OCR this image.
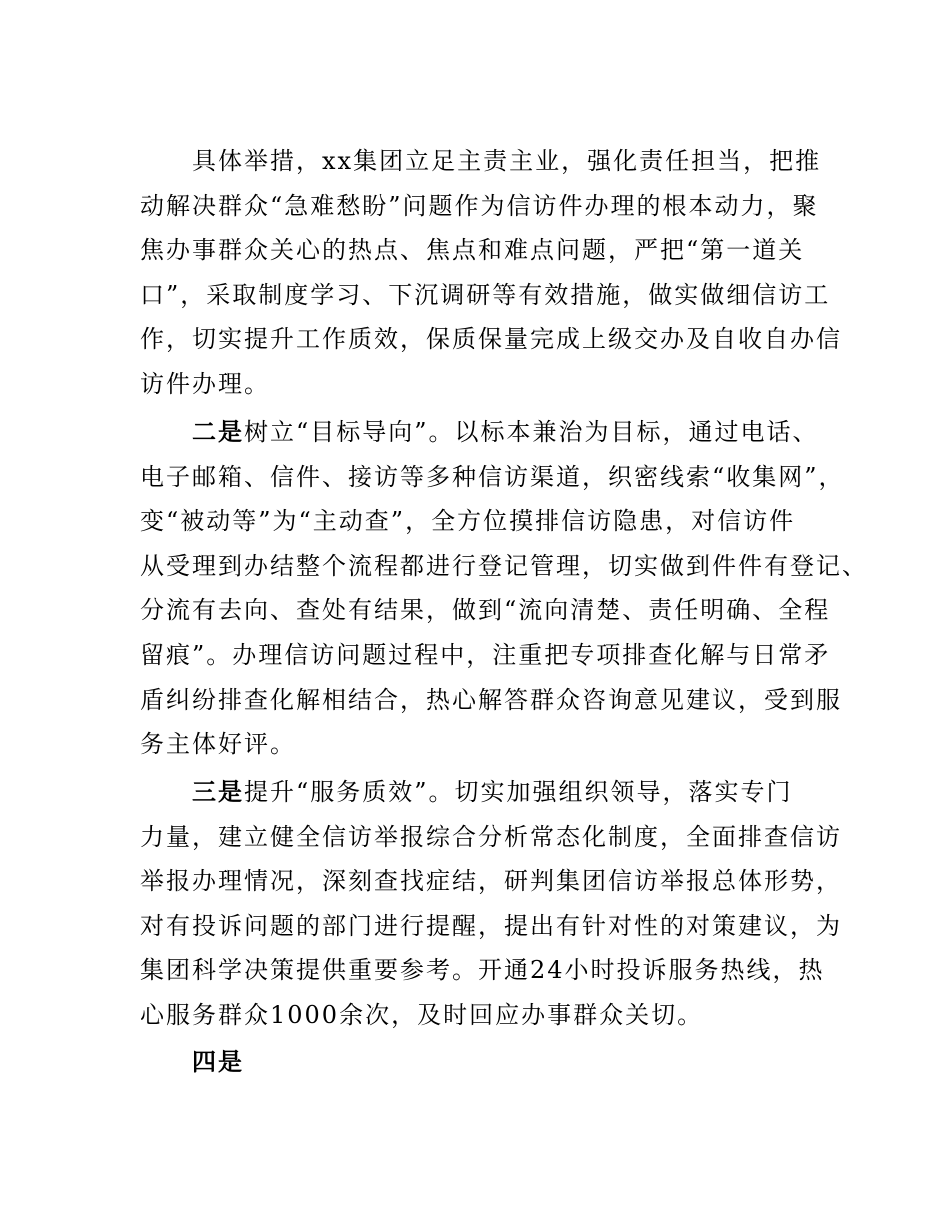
具体举措，xx集团立足主责主业，强化责任担当，把推
动解决群众“急难愁盼”问题作为信访件办理的根本动力，聚
焦办事群众关心的热点、焦点和难点问题，严把“第一道关
口”，采取制度学习、下沉调研等有效措施，做实做细信访工
作，切实提升工作质效，保质保量完成上级交办及自收自办信
访件办理。

二是树立“目标导向”。以标本兼治为目标，通过电话、
电子邮箱、信件、接访等多种信访渠道，织密线索“收集网”，
变“被动等”为“主动查”，全方位摸排信访隐患，对信访件
从受理到办结整个流程都进行登记管理，切实做到件件有登记、
分流有去向、查处有结果，做到“流向清楚、责任明确、全程
留痕”。办理信访问题过程中，注重把专项排查化解与日常矛
盾纠纷排查化解相结合，热心解答群众咨询意见建议，受到服
务主体好评。

三是提升“服务质效”。切实加强组织领导，落实专门
力量，建立健全信访举报综合分析常态化制度，全面排查信访
举报办理情况，深刻查找症结，研判集团信访举报总体形势，
对有投诉问题的部门进行提醒，提出有针对性的对策建议，为
集团科学决策提供重要参考。开通24小时投诉服务热线，热
心服务群众1000余次，及时回应办事群众关切。

四是
